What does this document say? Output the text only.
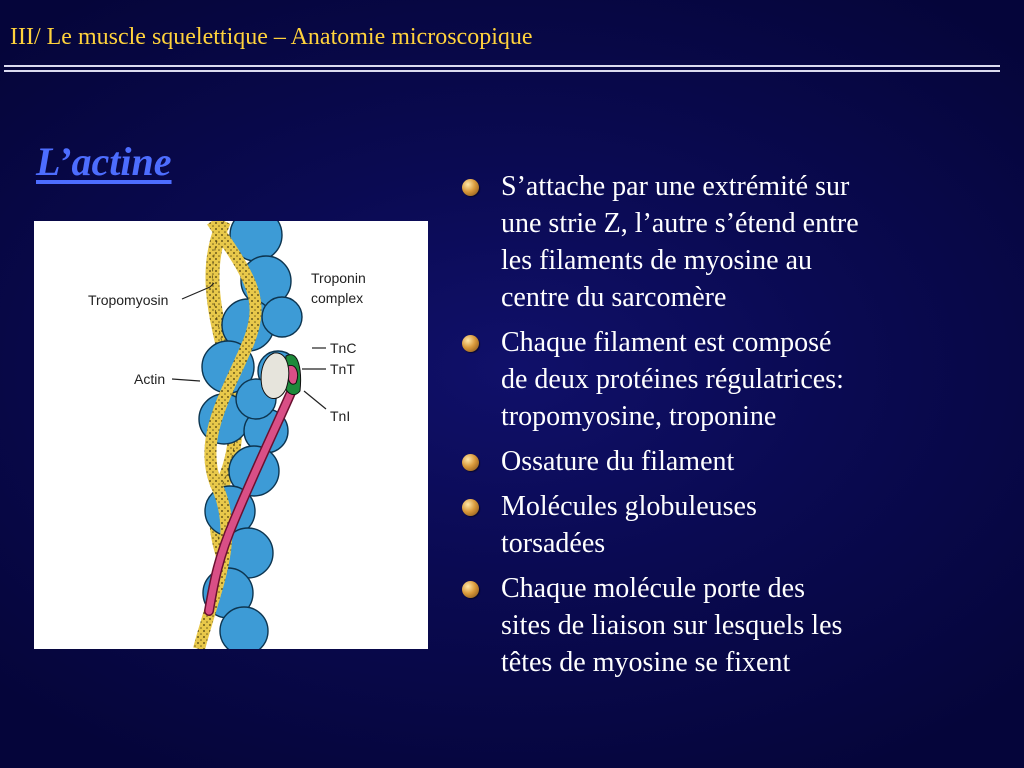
III/ Le muscle squelettique – Anatomie microscopique
L’actine
Troponin
complex
Tropomyosin
TnC
Actin
TnT
TnI
S’attache par une extrémité sur
une strie Z, l’autre s’étend entre
les filaments de myosine au
centre du sarcomère
Chaque filament est composé
de deux protéines régulatrices:
tropomyosine, troponine
Ossature du filament
Molécules globuleuses
torsadées
Chaque molécule porte des
sites de liaison sur lesquels les
têtes de myosine se fixent
